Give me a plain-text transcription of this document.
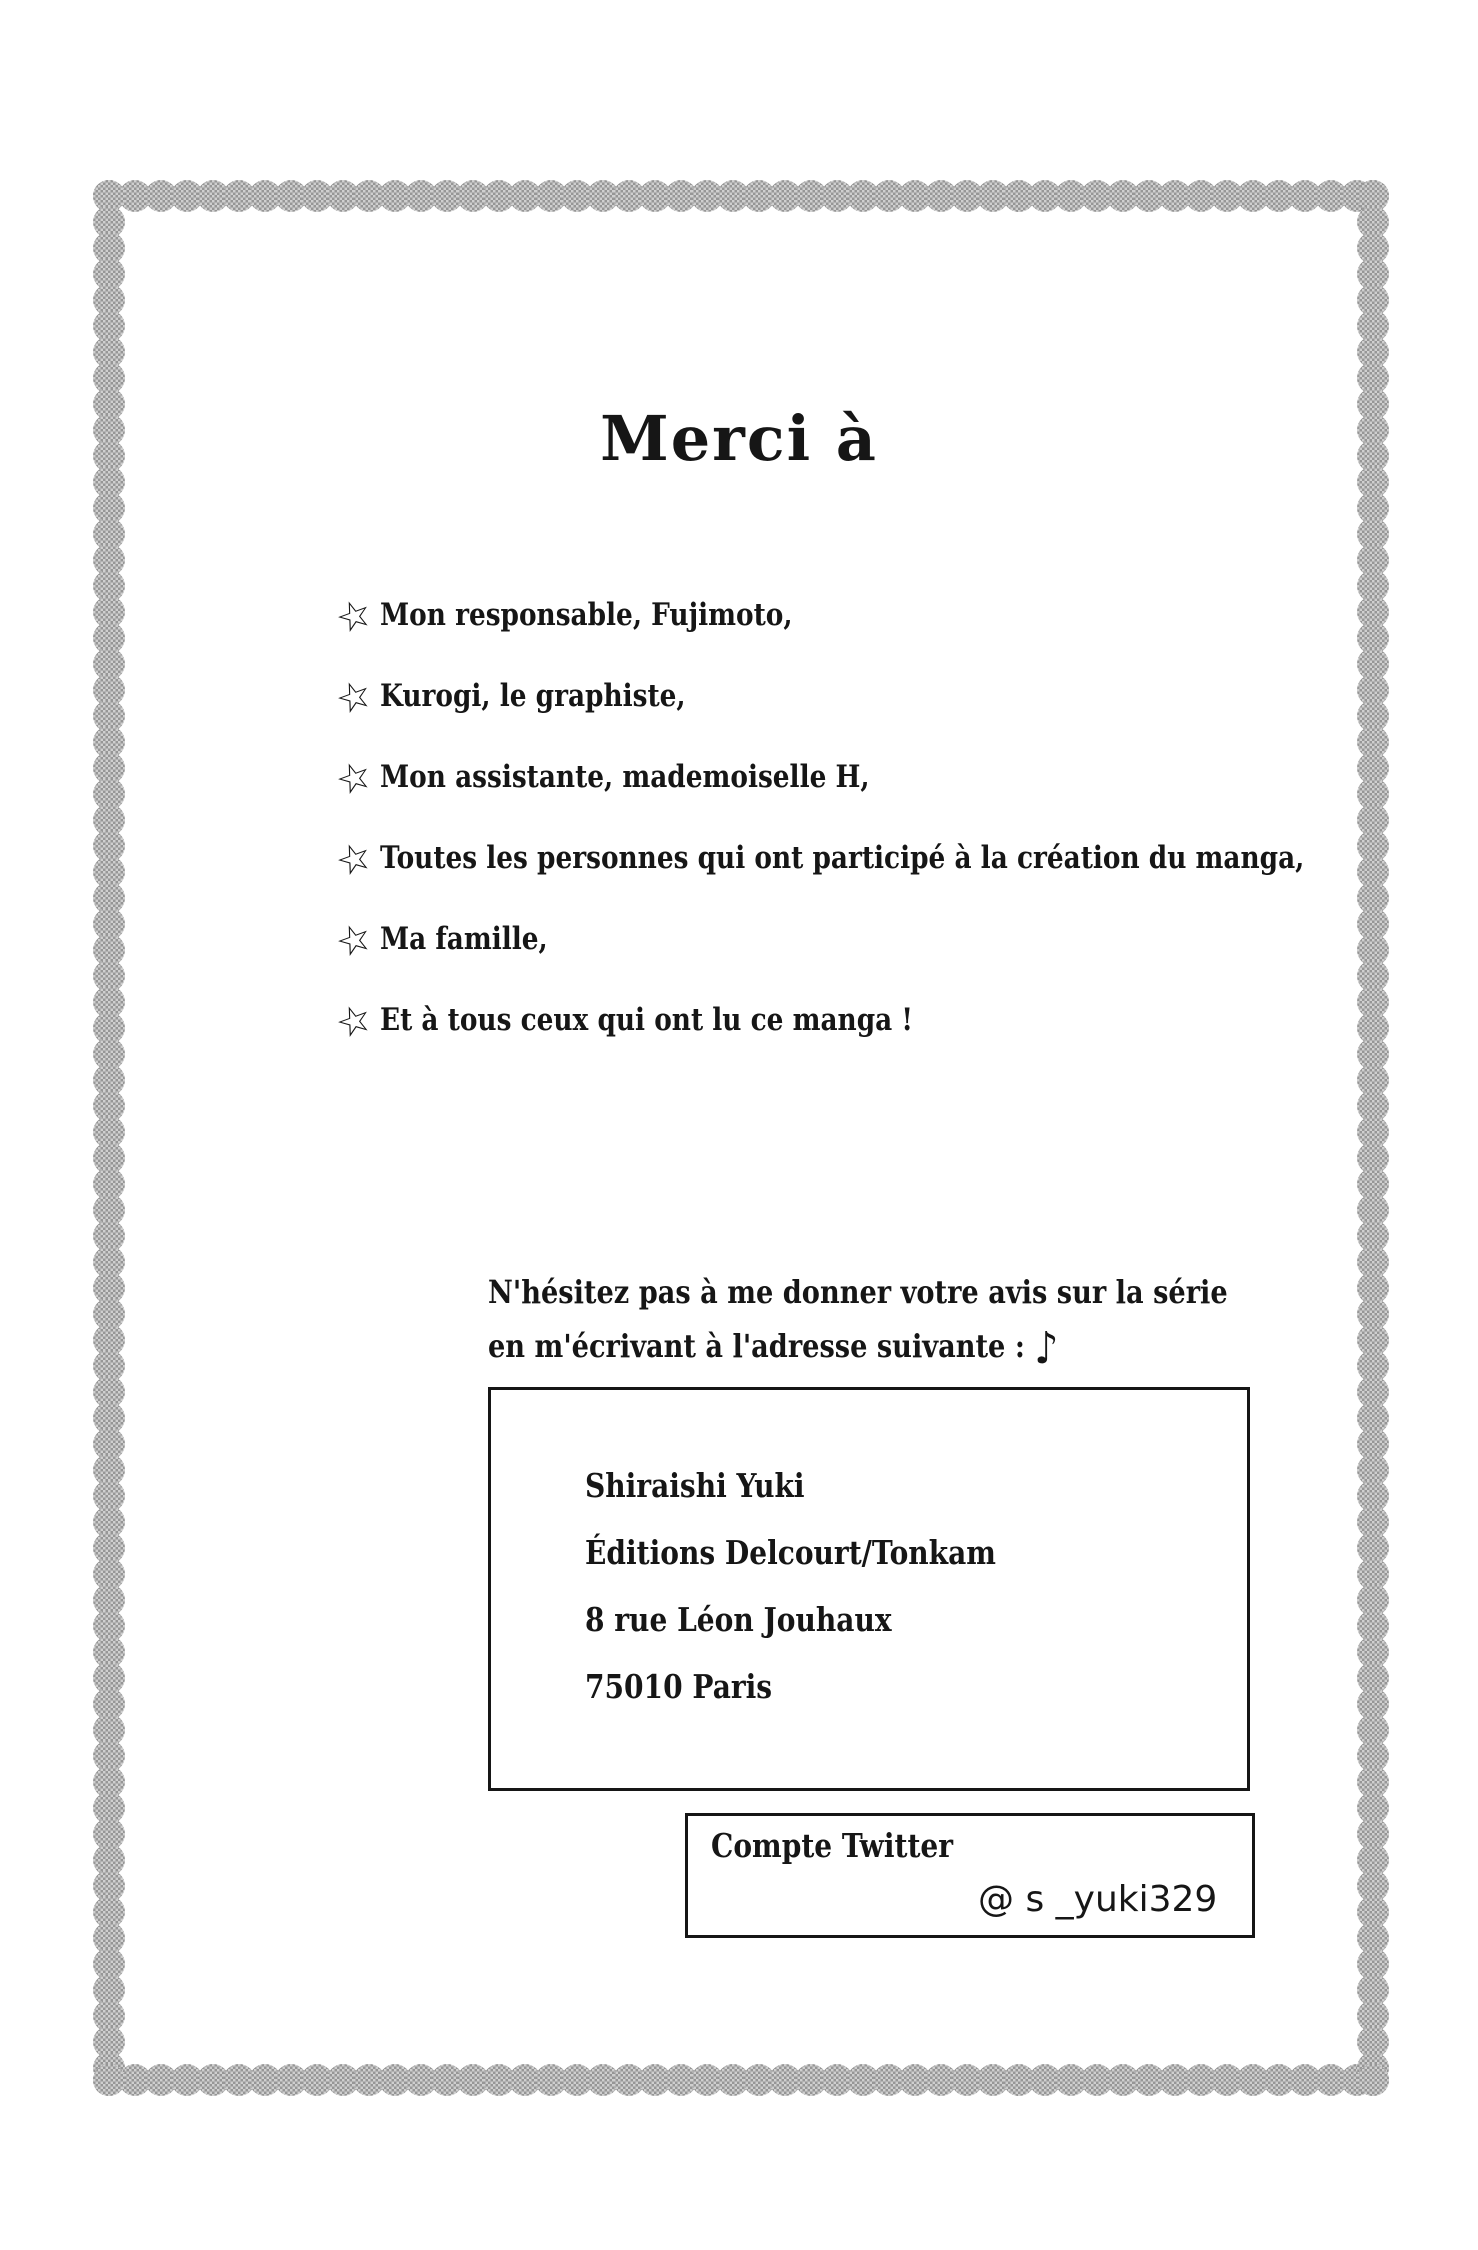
Merci à
☆ Mon responsable, Fujimoto,
☆ Kurogi, le graphiste,
☆ Mon assistante, mademoiselle H,
☆ Toutes les personnes qui ont participé à la création du manga,
☆ Ma famille,
☆ Et à tous ceux qui ont lu ce manga !
N'hésitez pas à me donner votre avis sur la série
en m'écrivant à l'adresse suivante : ♪
Shiraishi Yuki
Éditions Delcourt/Tonkam
8 rue Léon Jouhaux
75010 Paris
Compte Twitter
@ s _yuki329
